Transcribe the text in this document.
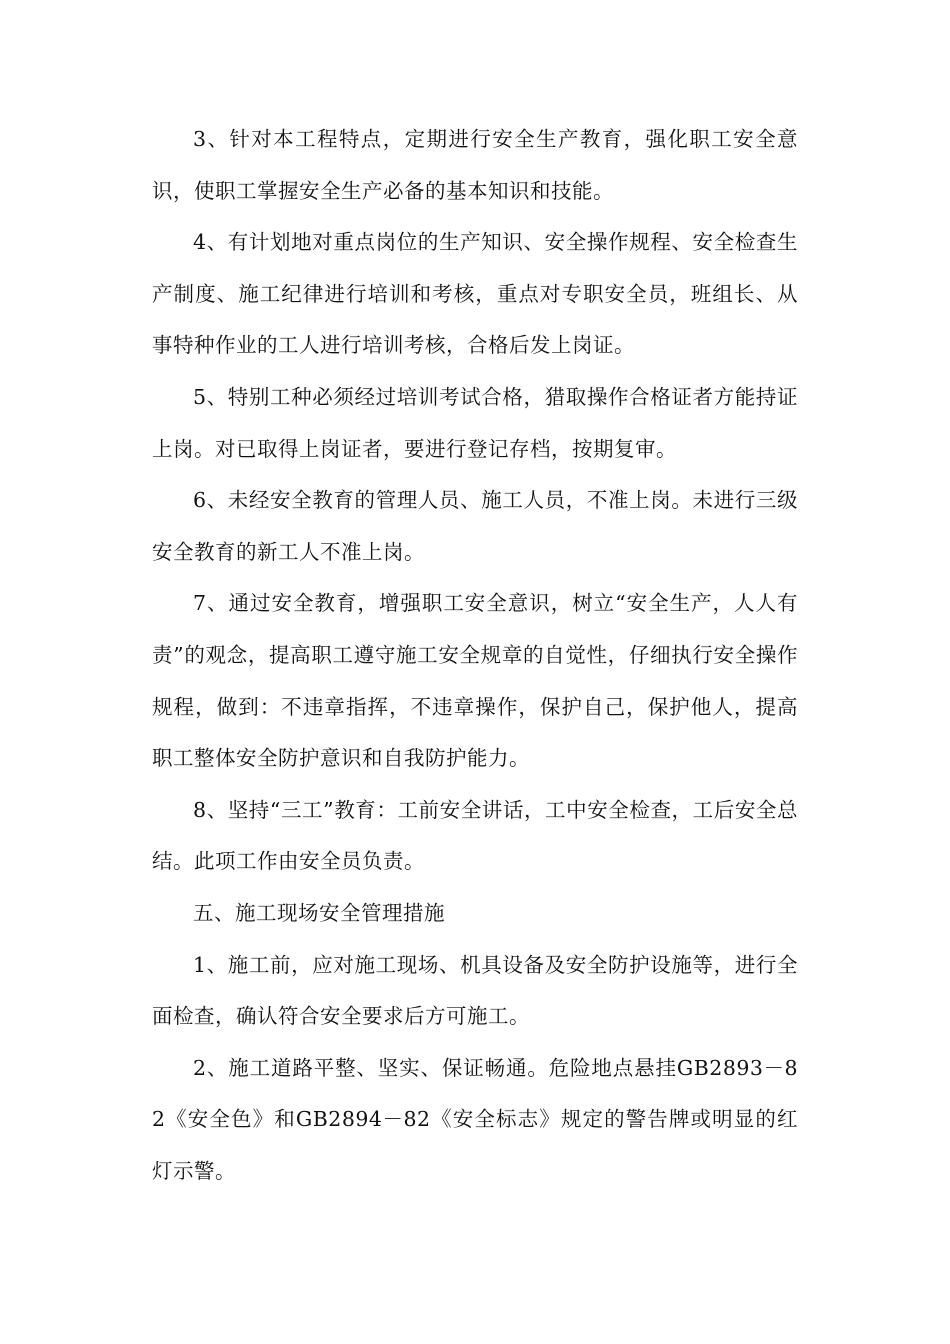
3、针对本工程特点，定期进行安全生产教育，强化职工安全意识，使职工掌握安全生产必备的基本知识和技能。

4、有计划地对重点岗位的生产知识、安全操作规程、安全检查生产制度、施工纪律进行培训和考核，重点对专职安全员，班组长、从事特种作业的工人进行培训考核，合格后发上岗证。

5、特别工种必须经过培训考试合格，猎取操作合格证者方能持证上岗。对已取得上岗证者，要进行登记存档，按期复审。

6、未经安全教育的管理人员、施工人员，不准上岗。未进行三级安全教育的新工人不准上岗。

7、通过安全教育，增强职工安全意识，树立“安全生产，人人有责”的观念，提高职工遵守施工安全规章的自觉性，仔细执行安全操作规程，做到：不违章指挥，不违章操作，保护自己，保护他人，提高职工整体安全防护意识和自我防护能力。

8、坚持“三工”教育：工前安全讲话，工中安全检查，工后安全总结。此项工作由安全员负责。

五、施工现场安全管理措施

1、施工前，应对施工现场、机具设备及安全防护设施等，进行全面检查，确认符合安全要求后方可施工。

2、施工道路平整、坚实、保证畅通。危险地点悬挂GB2893－82《安全色》和GB2894－82《安全标志》规定的警告牌或明显的红灯示警。
